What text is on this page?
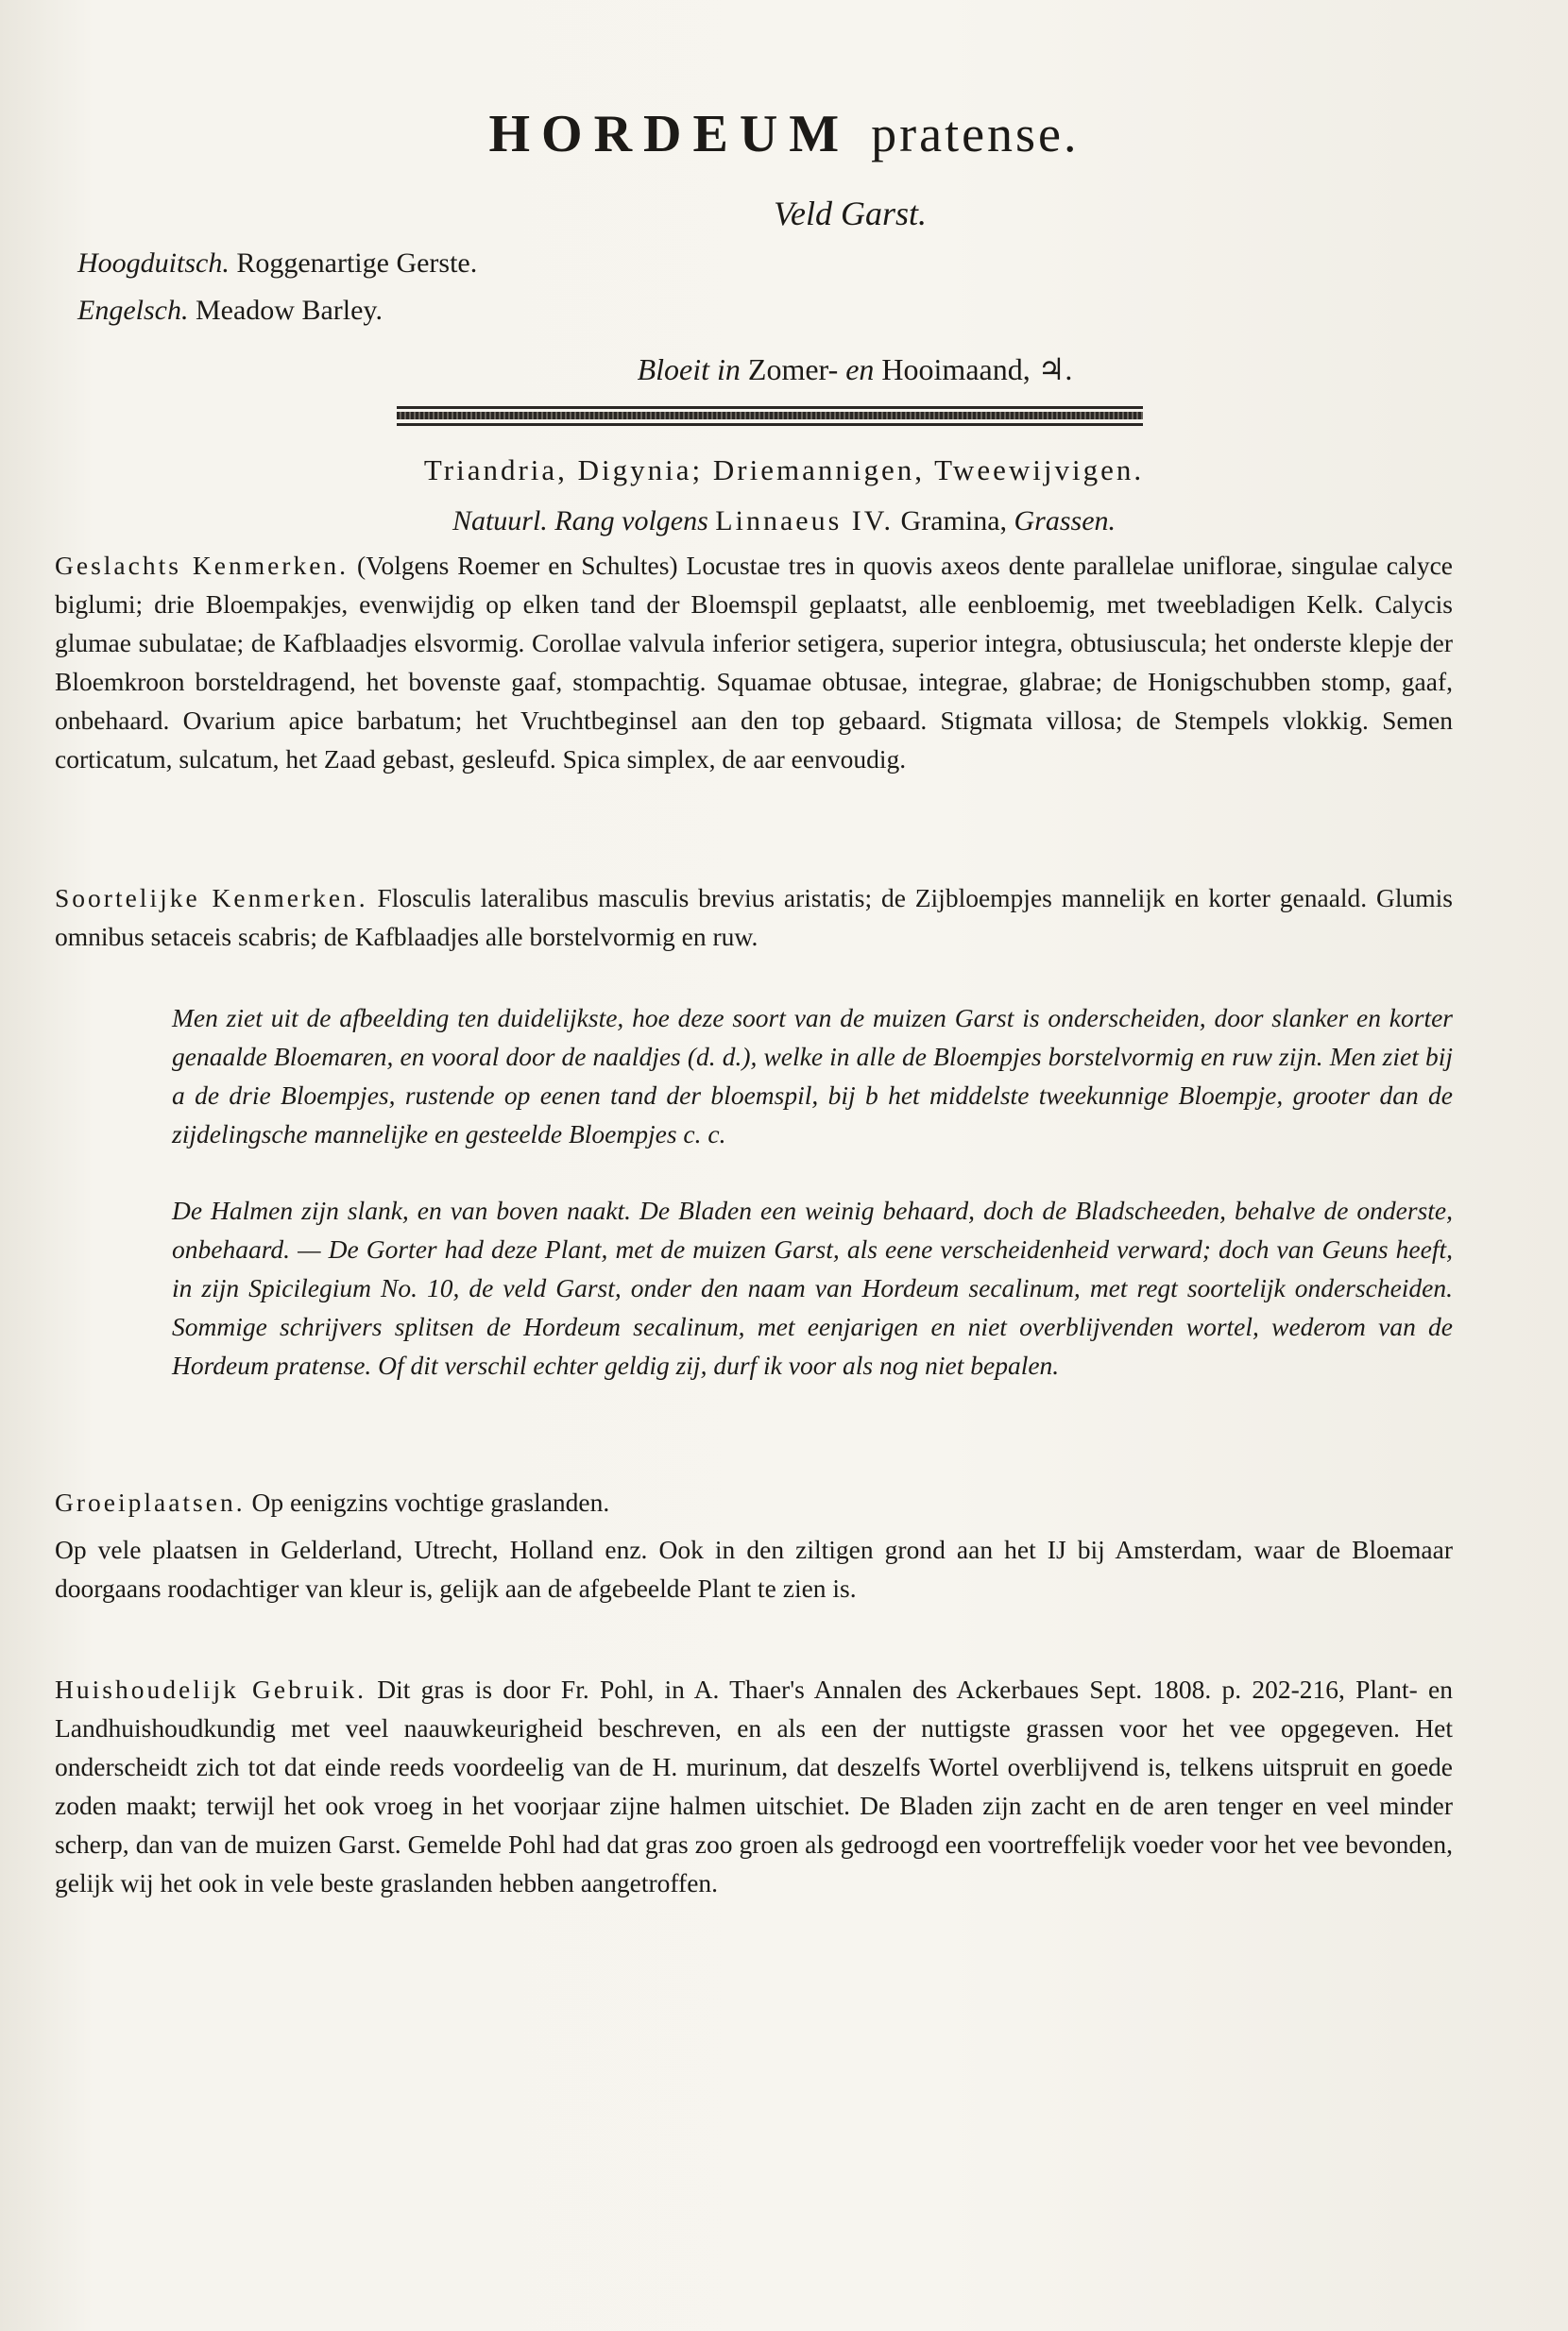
HORDEUM pratense.
Veld Garst.
Hoogduitsch. Roggenartige Gerste.
Engelsch. Meadow Barley.
Bloeit in Zomer- en Hooimaand, ♃.
Triandria, Digynia; Driemannigen, Tweewijvigen.
Natuurl. Rang volgens Linnaeus IV. Gramina, Grassen.
Geslachts Kenmerken. (Volgens Roemer en Schultes) Locustae tres in quovis axeos dente parallelae uniflorae, singulae calyce biglumi; drie Bloempakjes, evenwijdig op elken tand der Bloemspil geplaatst, alle eenbloemig, met tweebladigen Kelk. Calycis glumae subulatae; de Kafblaadjes elsvormig. Corollae valvula inferior setigera, superior integra, obtusiuscula; het onderste klepje der Bloemkroon borsteldragend, het bovenste gaaf, stompachtig. Squamae obtusae, integrae, glabrae; de Honigschubben stomp, gaaf, onbehaard. Ovarium apice barbatum; het Vruchtbeginsel aan den top gebaard. Stigmata villosa; de Stempels vlokkig. Semen corticatum, sulcatum, het Zaad gebast, gesleufd. Spica simplex, de aar eenvoudig.
Soortelijke Kenmerken. Flosculis lateralibus masculis brevius aristatis; de Zijbloempjes mannelijk en korter genaald. Glumis omnibus setaceis scabris; de Kafblaadjes alle borstelvormig en ruw.
Men ziet uit de afbeelding ten duidelijkste, hoe deze soort van de muizen Garst is onderscheiden, door slanker en korter genaalde Bloemaren, en vooral door de naaldjes (d. d.), welke in alle de Bloempjes borstelvormig en ruw zijn. Men ziet bij a de drie Bloempjes, rustende op eenen tand der bloemspil, bij b het middelste tweekunnige Bloempje, grooter dan de zijdelingsche mannelijke en gesteelde Bloempjes c. c.
De Halmen zijn slank, en van boven naakt. De Bladen een weinig behaard, doch de Bladscheeden, behalve de onderste, onbehaard. — De Gorter had deze Plant, met de muizen Garst, als eene verscheidenheid verward; doch van Geuns heeft, in zijn Spicilegium No. 10, de veld Garst, onder den naam van Hordeum secalinum, met regt soortelijk onderscheiden. Sommige schrijvers splitsen de Hordeum secalinum, met eenjarigen en niet overblijvenden wortel, wederom van de Hordeum pratense. Of dit verschil echter geldig zij, durf ik voor als nog niet bepalen.
Groeiplaatsen. Op eenigzins vochtige graslanden.
Op vele plaatsen in Gelderland, Utrecht, Holland enz. Ook in den ziltigen grond aan het IJ bij Amsterdam, waar de Bloemaar doorgaans roodachtiger van kleur is, gelijk aan de afgebeelde Plant te zien is.
Huishoudelijk Gebruik. Dit gras is door Fr. Pohl, in A. Thaer's Annalen des Ackerbaues Sept. 1808. p. 202-216, Plant- en Landhuishoudkundig met veel naauwkeurigheid beschreven, en als een der nuttigste grassen voor het vee opgegeven. Het onderscheidt zich tot dat einde reeds voordeelig van de H. murinum, dat deszelfs Wortel overblijvend is, telkens uitspruit en goede zoden maakt; terwijl het ook vroeg in het voorjaar zijne halmen uitschiet. De Bladen zijn zacht en de aren tenger en veel minder scherp, dan van de muizen Garst. Gemelde Pohl had dat gras zoo groen als gedroogd een voortreffelijk voeder voor het vee bevonden, gelijk wij het ook in vele beste graslanden hebben aangetroffen.
